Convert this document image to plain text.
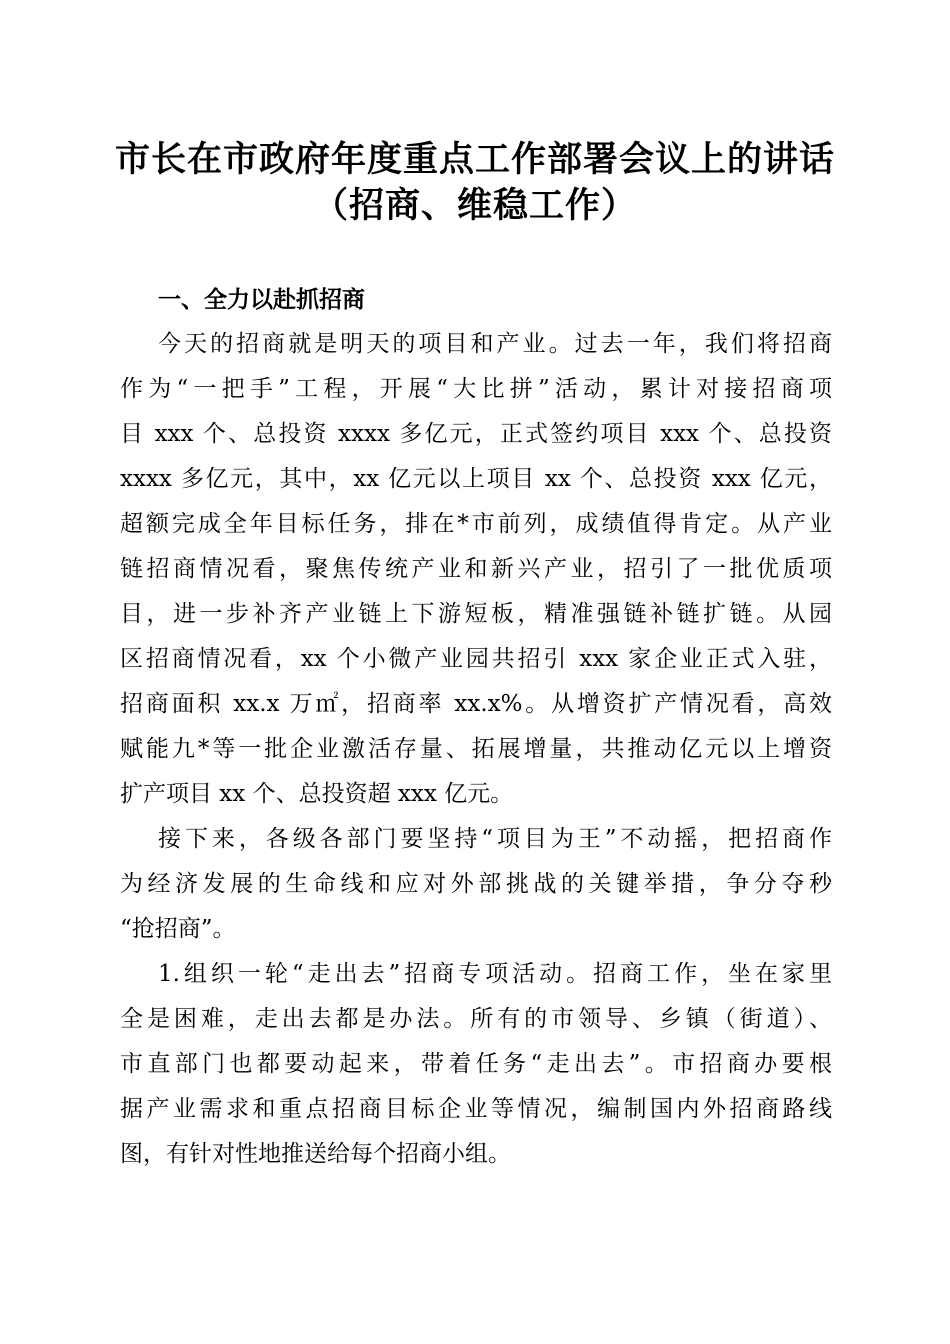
市长在市政府年度重点工作部署会议上的讲话
（招商、维稳工作）
一、全力以赴抓招商
今天的招商就是明天的项目和产业。过去一年，我们将招商
作为“一把手”工程，开展“大比拼”活动，累计对接招商项
目 xxx 个、总投资 xxxx 多亿元，正式签约项目 xxx 个、总投资
xxxx 多亿元，其中，xx 亿元以上项目 xx 个、总投资 xxx 亿元，
超额完成全年目标任务，排在*市前列，成绩值得肯定。从产业
链招商情况看，聚焦传统产业和新兴产业，招引了一批优质项
目，进一步补齐产业链上下游短板，精准强链补链扩链。从园
区招商情况看，xx 个小微产业园共招引 xxx 家企业正式入驻，
招商面积 xx.x 万㎡，招商率 xx.x%。从增资扩产情况看，高效
赋能九*等一批企业激活存量、拓展增量，共推动亿元以上增资
扩产项目 xx 个、总投资超 xxx 亿元。
接下来，各级各部门要坚持“项目为王”不动摇，把招商作
为经济发展的生命线和应对外部挑战的关键举措，争分夺秒
“抢招商”。
1.组织一轮“走出去”招商专项活动。招商工作，坐在家里
全是困难，走出去都是办法。所有的市领导、乡镇（街道）、
市直部门也都要动起来，带着任务“走出去”。市招商办要根
据产业需求和重点招商目标企业等情况，编制国内外招商路线
图，有针对性地推送给每个招商小组。
